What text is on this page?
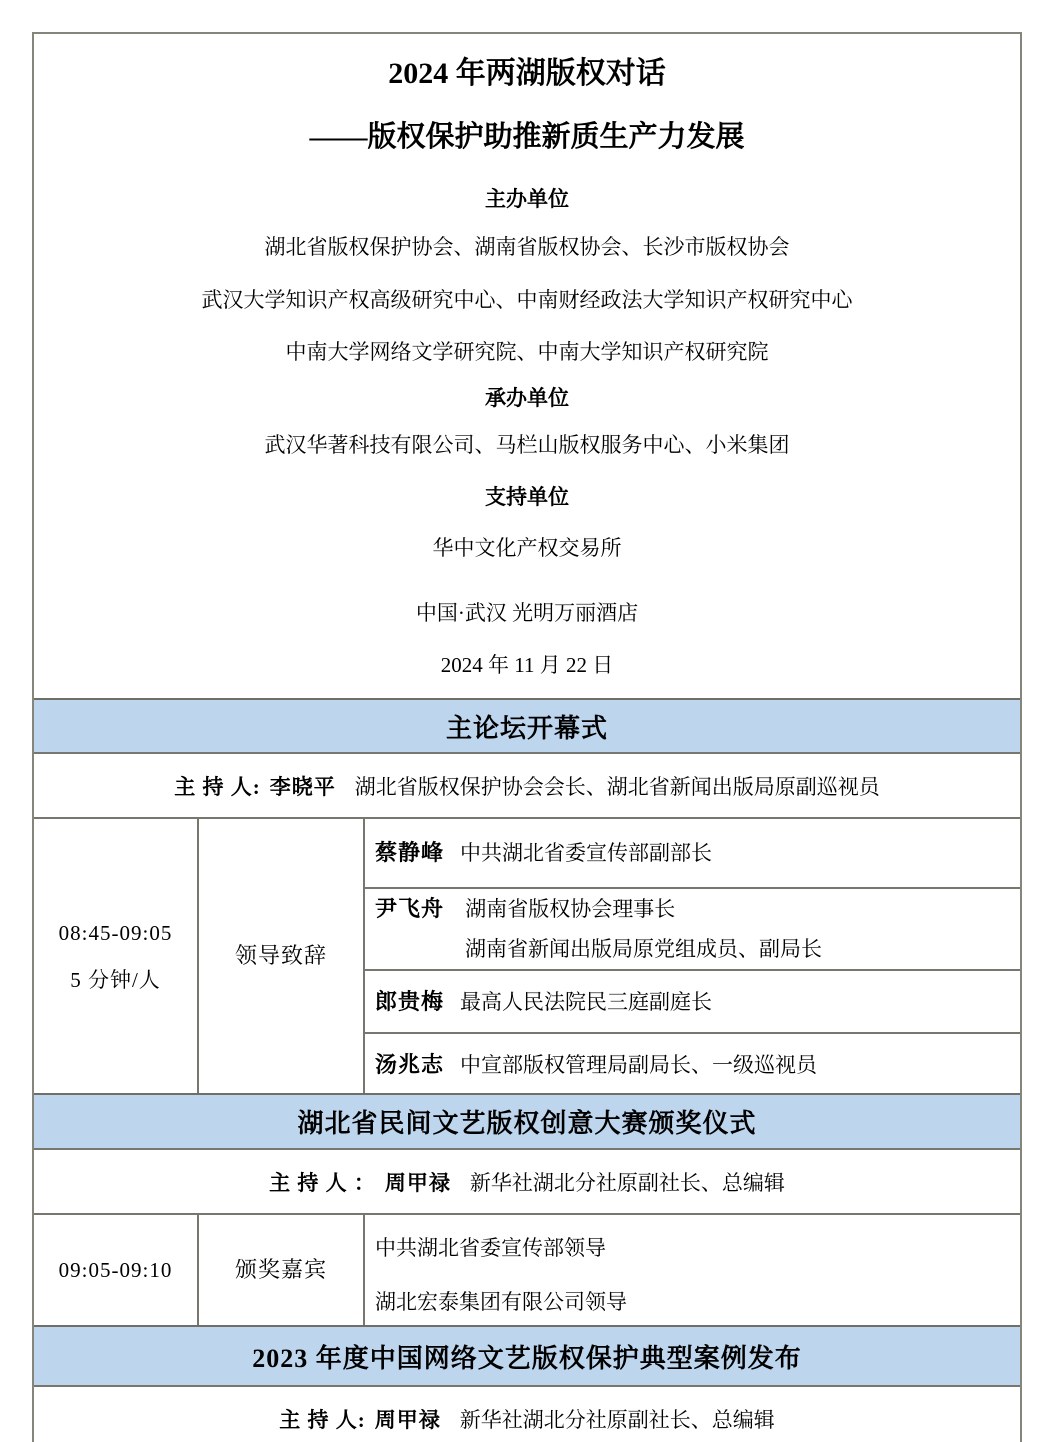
2024 年两湖版权对话
——版权保护助推新质生产力发展
主办单位
湖北省版权保护协会、湖南省版权协会、长沙市版权协会
武汉大学知识产权高级研究中心、中南财经政法大学知识产权研究中心
中南大学网络文学研究院、中南大学知识产权研究院
承办单位
武汉华著科技有限公司、马栏山版权服务中心、小米集团
支持单位
华中文化产权交易所
中国·武汉 光明万丽酒店
2024 年 11 月 22 日
主论坛开幕式
主 持 人: 李晓平 湖北省版权保护协会会长、湖北省新闻出版局原副巡视员
08:45-09:05
5 分钟/人
领导致辞
蔡静峰 中共湖北省委宣传部副部长
尹飞舟 湖南省版权协会理事长
湖南省新闻出版局原党组成员、副局长
郎贵梅 最高人民法院民三庭副庭长
汤兆志 中宣部版权管理局副局长、一级巡视员
湖北省民间文艺版权创意大赛颁奖仪式
主 持 人 ： 周甲禄 新华社湖北分社原副社长、总编辑
09:05-09:10	颁奖嘉宾
中共湖北省委宣传部领导
湖北宏泰集团有限公司领导
2023 年度中国网络文艺版权保护典型案例发布
主 持 人: 周甲禄 新华社湖北分社原副社长、总编辑
